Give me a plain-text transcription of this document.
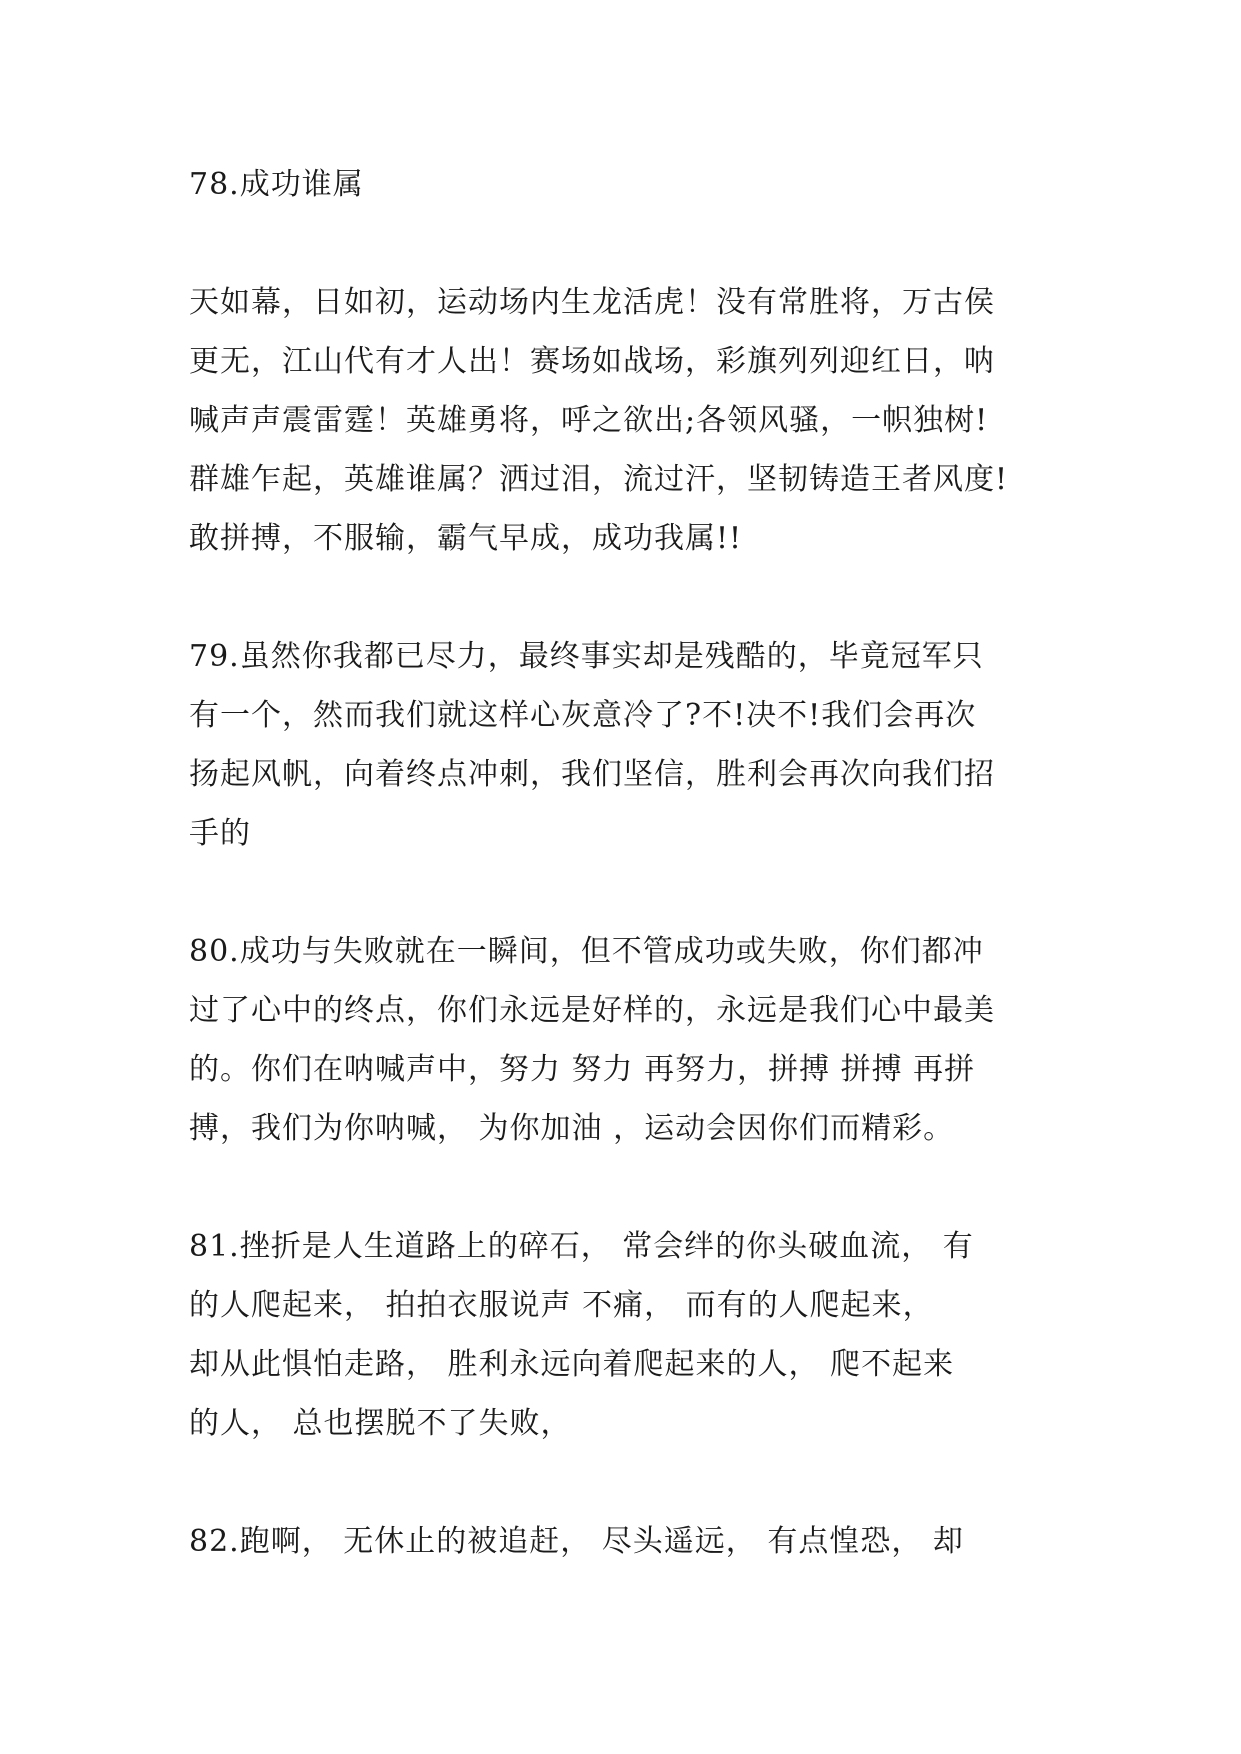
78.成功谁属

天如幕，日如初，运动场内生龙活虎！没有常胜将，万古侯
更无，江山代有才人出！赛场如战场，彩旗列列迎红日，呐
喊声声震雷霆！英雄勇将，呼之欲出;各领风骚，一帜独树!
群雄乍起，英雄谁属？洒过泪，流过汗，坚韧铸造王者风度!
敢拼搏，不服输，霸气早成，成功我属!!

79.虽然你我都已尽力，最终事实却是残酷的，毕竟冠军只
有一个，然而我们就这样心灰意冷了?不!决不!我们会再次
扬起风帆，向着终点冲刺，我们坚信，胜利会再次向我们招
手的

80.成功与失败就在一瞬间，但不管成功或失败，你们都冲
过了心中的终点，你们永远是好样的，永远是我们心中最美
的。你们在呐喊声中，努力 努力 再努力，拼搏 拼搏 再拼
搏，我们为你呐喊， 为你加油 ，运动会因你们而精彩。

81.挫折是人生道路上的碎石， 常会绊的你头破血流， 有
的人爬起来， 拍拍衣服说声 不痛， 而有的人爬起来，
却从此惧怕走路， 胜利永远向着爬起来的人， 爬不起来
的人， 总也摆脱不了失败，

82.跑啊， 无休止的被追赶， 尽头遥远， 有点惶恐， 却
